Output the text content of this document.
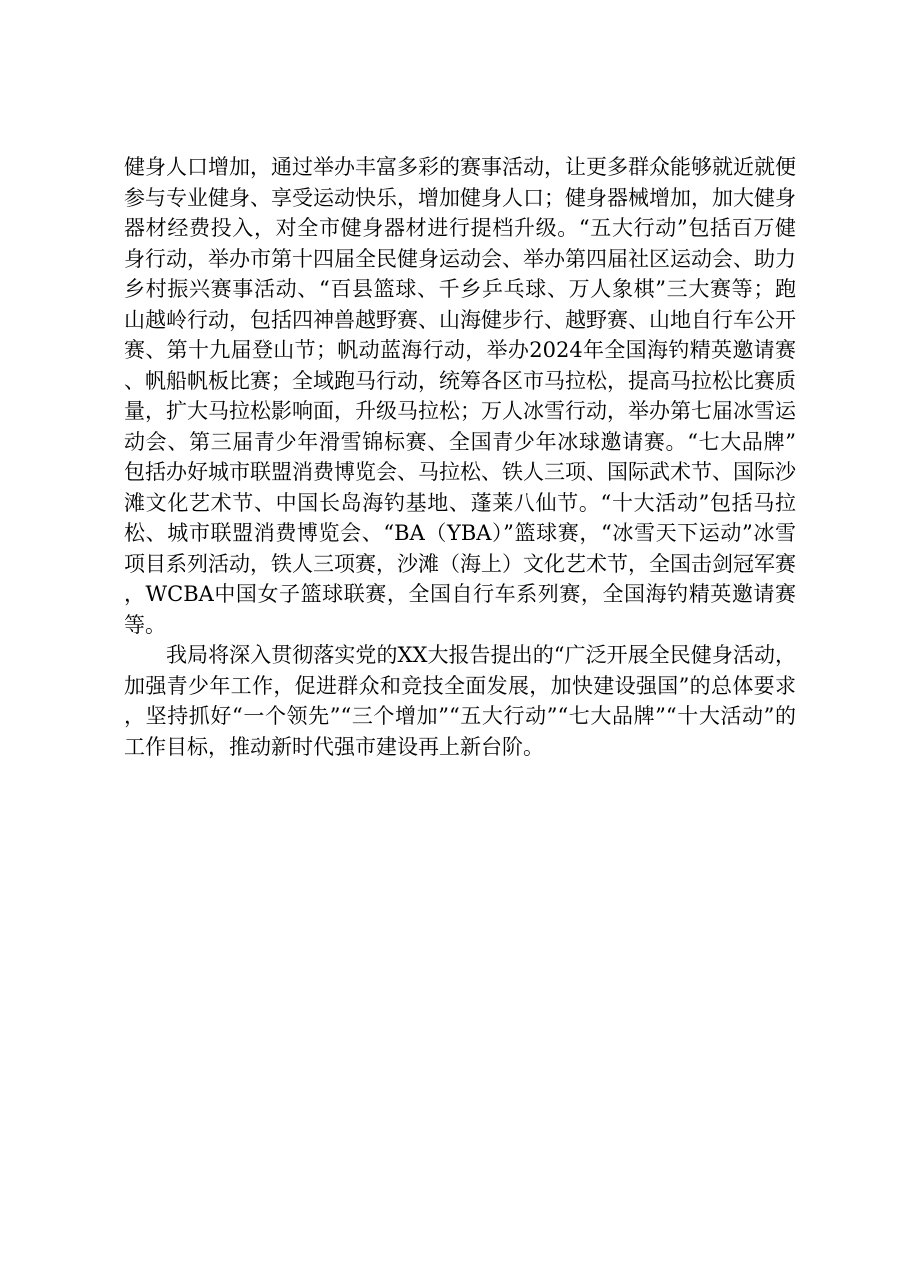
健身人口增加，通过举办丰富多彩的赛事活动，让更多群众能够就近就便参与专业健身、享受运动快乐，增加健身人口；健身器械增加，加大健身器材经费投入，对全市健身器材进行提档升级。“五大行动”包括百万健身行动，举办市第十四届全民健身运动会、举办第四届社区运动会、助力乡村振兴赛事活动、“百县篮球、千乡乒乓球、万人象棋”三大赛等；跑山越岭行动，包括四神兽越野赛、山海健步行、越野赛、山地自行车公开赛、第十九届登山节；帆动蓝海行动，举办2024年全国海钓精英邀请赛、帆船帆板比赛；全域跑马行动，统筹各区市马拉松，提高马拉松比赛质量，扩大马拉松影响面，升级马拉松；万人冰雪行动，举办第七届冰雪运动会、第三届青少年滑雪锦标赛、全国青少年冰球邀请赛。“七大品牌”包括办好城市联盟消费博览会、马拉松、铁人三项、国际武术节、国际沙滩文化艺术节、中国长岛海钓基地、蓬莱八仙节。“十大活动”包括马拉松、城市联盟消费博览会、“BA（YBA）”篮球赛，“冰雪天下运动”冰雪项目系列活动，铁人三项赛，沙滩（海上）文化艺术节，全国击剑冠军赛，WCBA中国女子篮球联赛，全国自行车系列赛，全国海钓精英邀请赛等。

我局将深入贯彻落实党的XX大报告提出的“广泛开展全民健身活动，加强青少年工作，促进群众和竞技全面发展，加快建设强国”的总体要求，坚持抓好“一个领先”“三个增加”“五大行动”“七大品牌”“十大活动”的工作目标，推动新时代强市建设再上新台阶。
